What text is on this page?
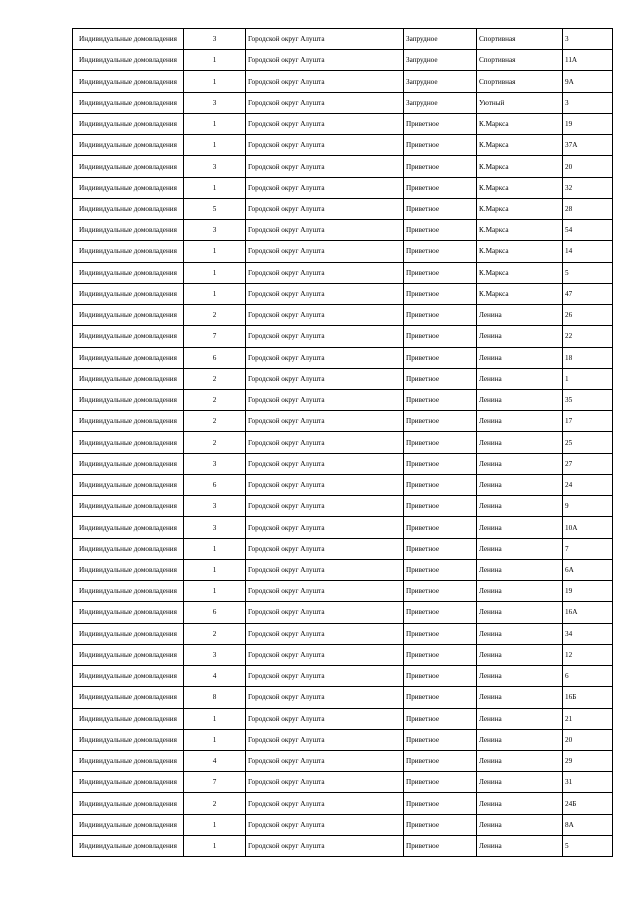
Индивидуальные домовладения	3	Городской округ Алушта	Запрудное	Спортивная	3
Индивидуальные домовладения	1	Городской округ Алушта	Запрудное	Спортивная	11А
Индивидуальные домовладения	1	Городской округ Алушта	Запрудное	Спортивная	9А
Индивидуальные домовладения	3	Городской округ Алушта	Запрудное	Уютный	3
Индивидуальные домовладения	1	Городской округ Алушта	Приветное	К.Маркса	19
Индивидуальные домовладения	1	Городской округ Алушта	Приветное	К.Маркса	37А
Индивидуальные домовладения	3	Городской округ Алушта	Приветное	К.Маркса	20
Индивидуальные домовладения	1	Городской округ Алушта	Приветное	К.Маркса	32
Индивидуальные домовладения	5	Городской округ Алушта	Приветное	К.Маркса	28
Индивидуальные домовладения	3	Городской округ Алушта	Приветное	К.Маркса	54
Индивидуальные домовладения	1	Городской округ Алушта	Приветное	К.Маркса	14
Индивидуальные домовладения	1	Городской округ Алушта	Приветное	К.Маркса	5
Индивидуальные домовладения	1	Городской округ Алушта	Приветное	К.Маркса	47
Индивидуальные домовладения	2	Городской округ Алушта	Приветное	Ленина	26
Индивидуальные домовладения	7	Городской округ Алушта	Приветное	Ленина	22
Индивидуальные домовладения	6	Городской округ Алушта	Приветное	Ленина	18
Индивидуальные домовладения	2	Городской округ Алушта	Приветное	Ленина	1
Индивидуальные домовладения	2	Городской округ Алушта	Приветное	Ленина	35
Индивидуальные домовладения	2	Городской округ Алушта	Приветное	Ленина	17
Индивидуальные домовладения	2	Городской округ Алушта	Приветное	Ленина	25
Индивидуальные домовладения	3	Городской округ Алушта	Приветное	Ленина	27
Индивидуальные домовладения	6	Городской округ Алушта	Приветное	Ленина	24
Индивидуальные домовладения	3	Городской округ Алушта	Приветное	Ленина	9
Индивидуальные домовладения	3	Городской округ Алушта	Приветное	Ленина	10А
Индивидуальные домовладения	1	Городской округ Алушта	Приветное	Ленина	7
Индивидуальные домовладения	1	Городской округ Алушта	Приветное	Ленина	6А
Индивидуальные домовладения	1	Городской округ Алушта	Приветное	Ленина	19
Индивидуальные домовладения	6	Городской округ Алушта	Приветное	Ленина	16А
Индивидуальные домовладения	2	Городской округ Алушта	Приветное	Ленина	34
Индивидуальные домовладения	3	Городской округ Алушта	Приветное	Ленина	12
Индивидуальные домовладения	4	Городской округ Алушта	Приветное	Ленина	6
Индивидуальные домовладения	8	Городской округ Алушта	Приветное	Ленина	16Б
Индивидуальные домовладения	1	Городской округ Алушта	Приветное	Ленина	21
Индивидуальные домовладения	1	Городской округ Алушта	Приветное	Ленина	20
Индивидуальные домовладения	4	Городской округ Алушта	Приветное	Ленина	29
Индивидуальные домовладения	7	Городской округ Алушта	Приветное	Ленина	31
Индивидуальные домовладения	2	Городской округ Алушта	Приветное	Ленина	24Б
Индивидуальные домовладения	1	Городской округ Алушта	Приветное	Ленина	8А
Индивидуальные домовладения	1	Городской округ Алушта	Приветное	Ленина	5
